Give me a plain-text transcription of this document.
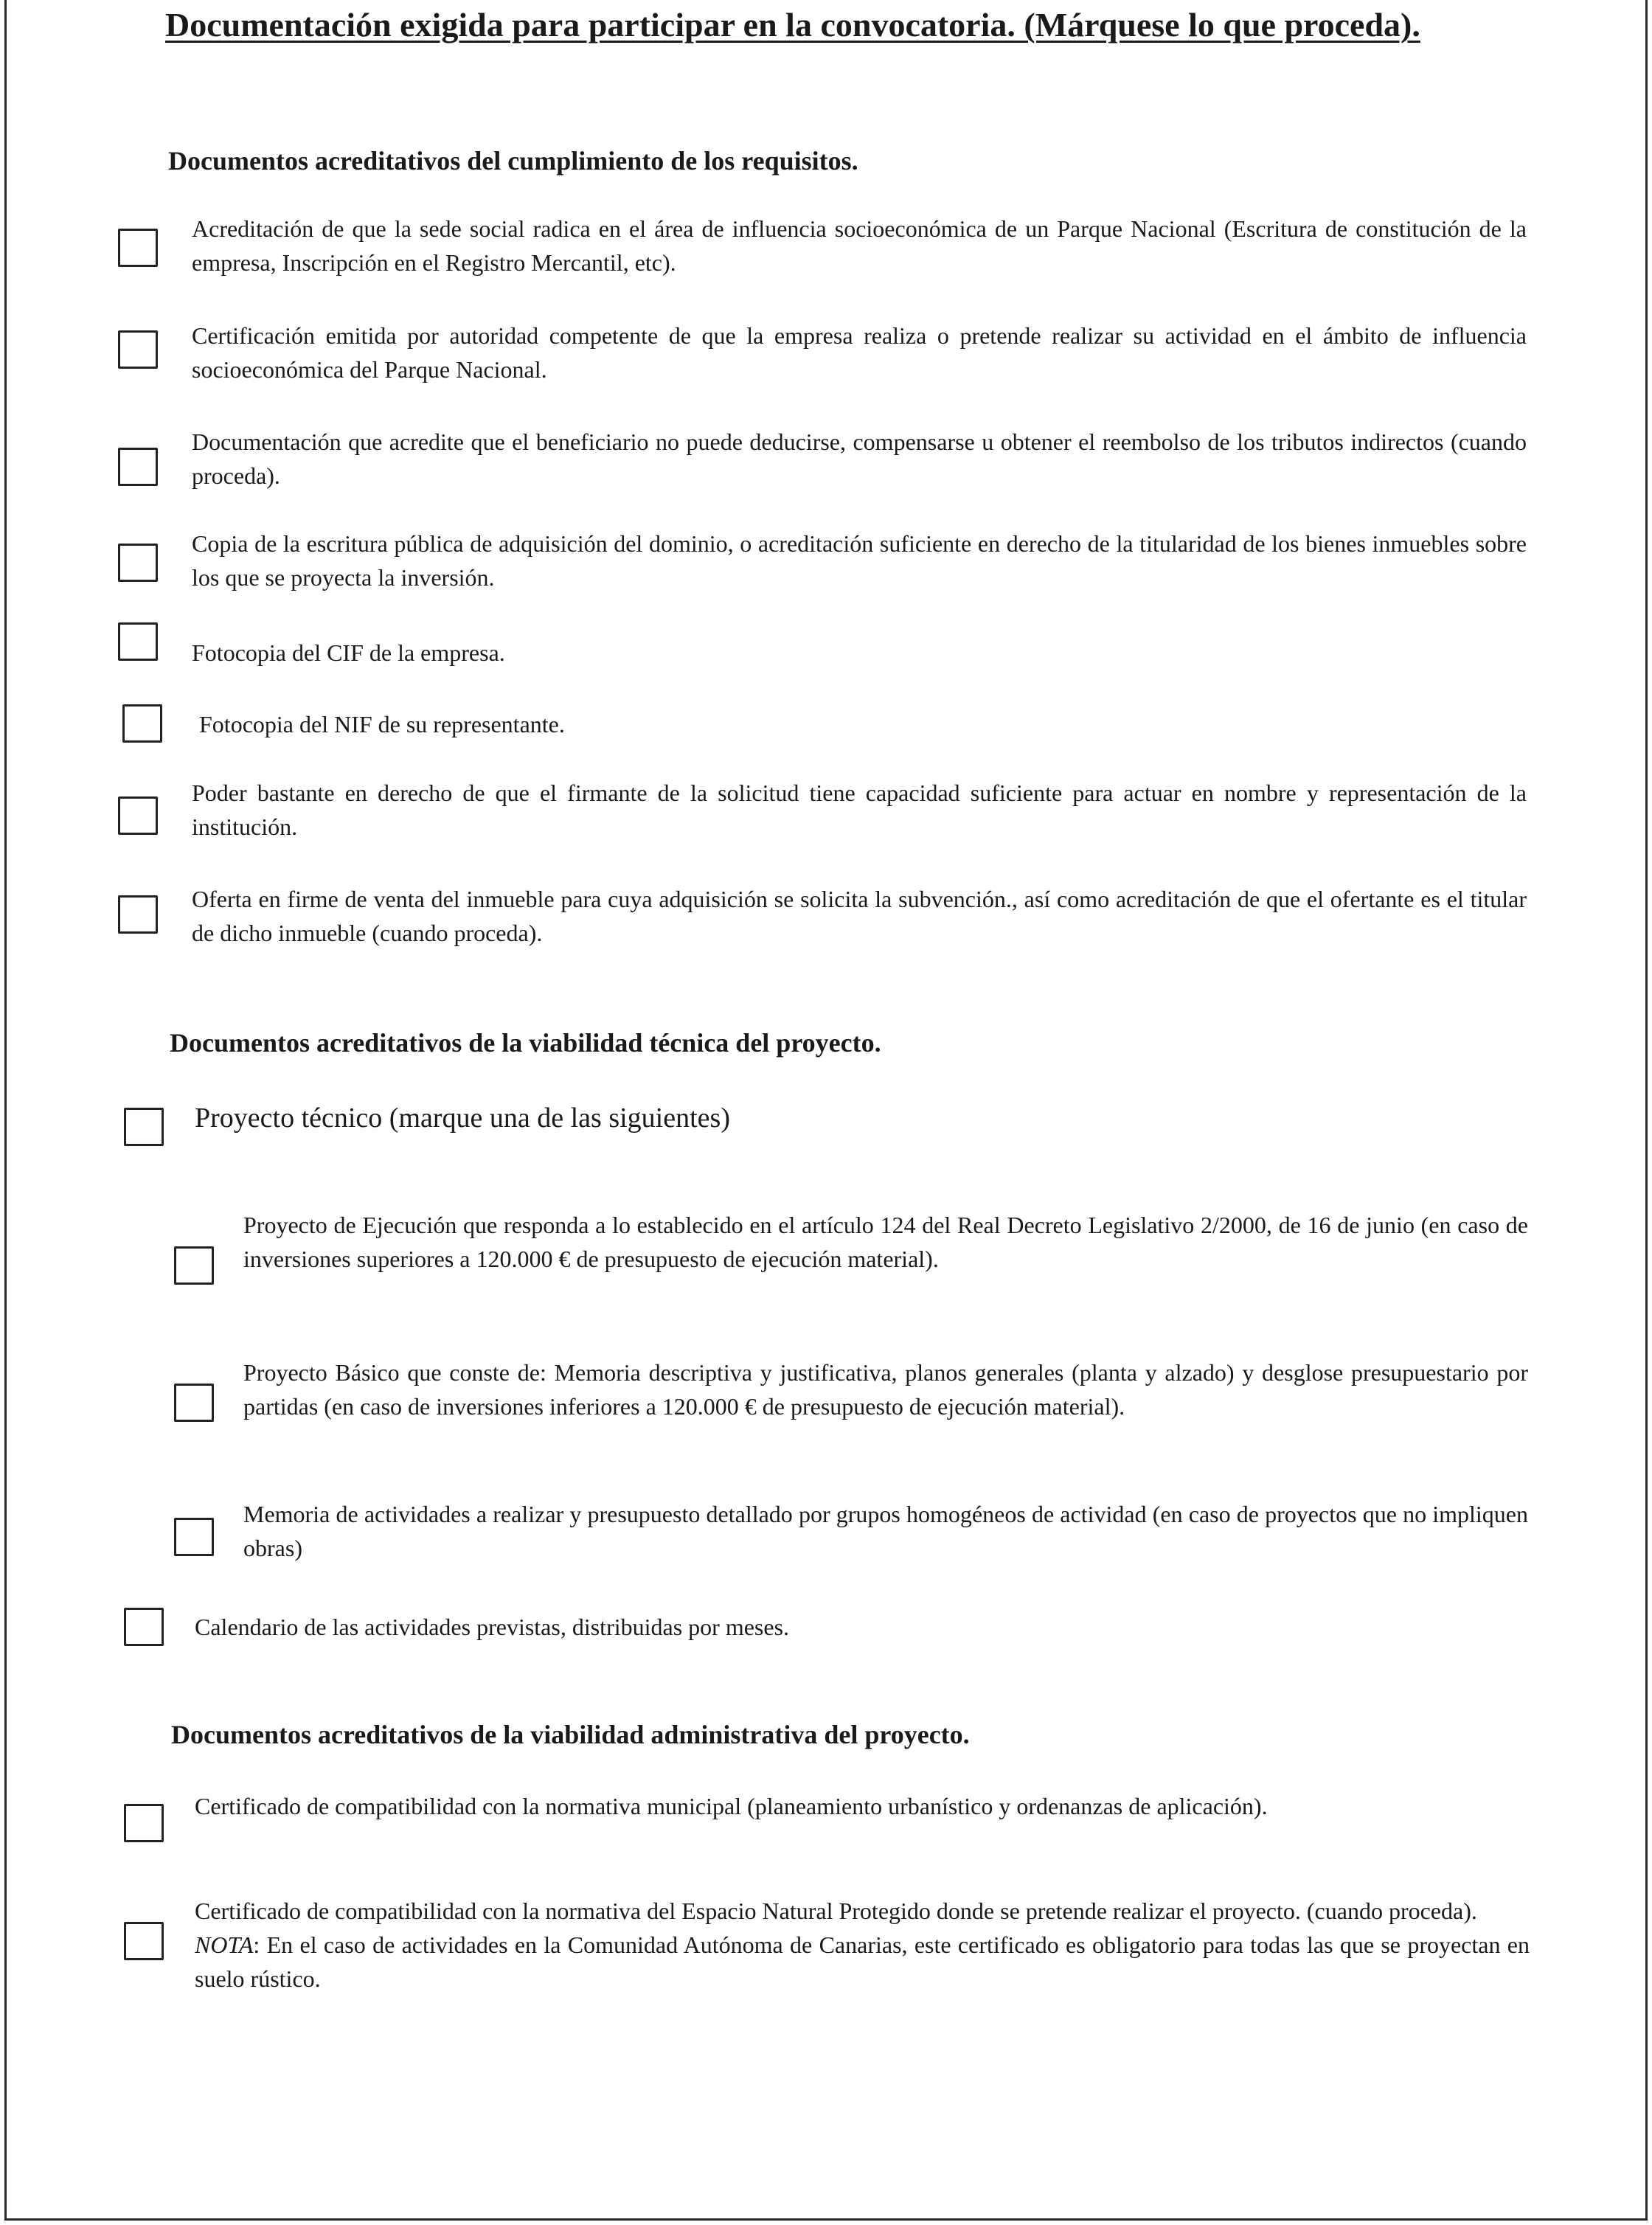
Documentación exigida para participar en la convocatoria. (Márquese lo que proceda).
Documentos acreditativos del cumplimiento de los requisitos.

Acreditación de que la sede social radica en el área de influencia socioeconómica de un Parque Nacional (Escritura de constitución de la empresa, Inscripción en el Registro Mercantil, etc).

Certificación emitida por autoridad competente de que la empresa realiza o pretende realizar su actividad en el ámbito de influencia socioeconómica del Parque Nacional.

Documentación que acredite que el beneficiario no puede deducirse, compensarse u obtener el reembolso de los tributos indirectos (cuando proceda).

Copia de la escritura pública de adquisición del dominio, o acreditación suficiente en derecho de la titularidad de los bienes inmuebles sobre los que se proyecta la inversión.

Fotocopia del CIF de la empresa.

Fotocopia del NIF de su representante.

Poder bastante en derecho de que el firmante de la solicitud tiene capacidad suficiente para actuar en nombre y representación de la institución.

Oferta en firme de venta del inmueble para cuya adquisición se solicita la subvención., así como acreditación de que el ofertante es el titular de dicho inmueble (cuando proceda).

Documentos acreditativos de la viabilidad técnica del proyecto.

Proyecto técnico (marque una de las siguientes)

Proyecto de Ejecución que responda a lo establecido en el artículo 124 del Real Decreto Legislativo 2/2000, de 16 de junio (en caso de inversiones superiores a 120.000 € de presupuesto de ejecución material).

Proyecto Básico que conste de: Memoria descriptiva y justificativa, planos generales (planta y alzado) y desglose presupuestario por partidas (en caso de inversiones inferiores a 120.000 € de presupuesto de ejecución material).

Memoria de actividades a realizar y presupuesto detallado por grupos homogéneos de actividad (en caso de proyectos que no impliquen obras)

Calendario de las actividades previstas, distribuidas por meses.

Documentos acreditativos de la viabilidad administrativa del proyecto.

Certificado de compatibilidad con la normativa municipal (planeamiento urbanístico y ordenanzas de aplicación).

Certificado de compatibilidad con la normativa del Espacio Natural Protegido donde se pretende realizar el proyecto. (cuando proceda).
NOTA: En el caso de actividades en la Comunidad Autónoma de Canarias, este certificado es obligatorio para todas las que se proyectan en suelo rústico.
